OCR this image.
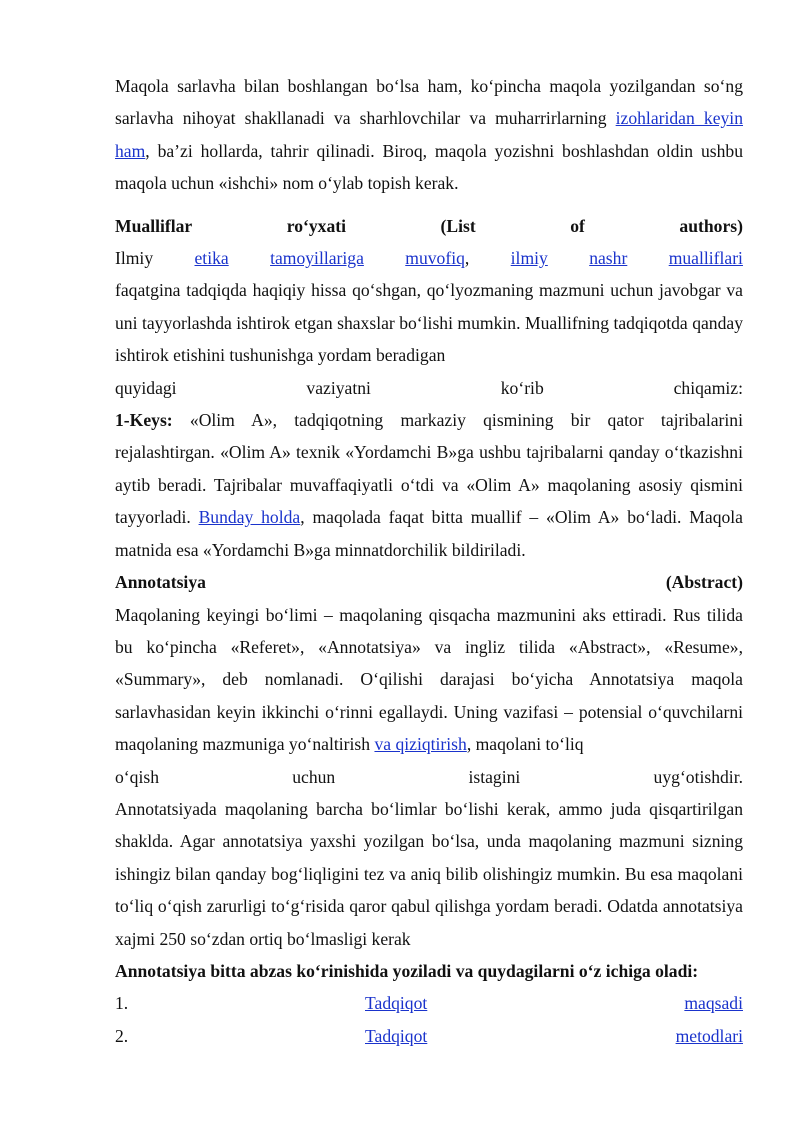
Maqola sarlavha bilan boshlangan boʻlsa ham, koʻpincha maqola yozilgandan soʻng sarlavha nihoyat shakllanadi va sharhlovchilar va muharrirlarning izohlaridan keyin ham, baʼzi hollarda, tahrir qilinadi. Biroq, maqola yozishni boshlashdan oldin ushbu maqola uchun «ishchi» nom oʻylab topish kerak.

Mualliflar	roʻyxati	(List	of	authors)
Ilmiy etika tamoyillariga muvofiq, ilmiy nashr mualliflari

faqatgina tadqiqda haqiqiy hissa qoʻshgan, qoʻlyozmaning mazmuni uchun javobgar va uni tayyorlashda ishtirok etgan shaxslar boʻlishi mumkin. Muallifning tadqiqotda qanday ishtirok etishini tushunishga yordam beradigan

quyidagi	vaziyatni	koʻrib	chiqamiz:

1-Keys: «Olim A», tadqiqotning markaziy qismining bir qator tajribalarini rejalashtirgan. «Olim A» texnik «Yordamchi B»ga ushbu tajribalarni qanday oʻtkazishni aytib beradi. Tajribalar muvaffaqiyatli oʻtdi va «Olim A» maqolaning asosiy qismini tayyorladi. Bunday holda, maqolada faqat bitta muallif – «Olim A» boʻladi. Maqola matnida esa «Yordamchi B»ga minnatdorchilik bildiriladi.

Annotatsiya	(Abstract)

Maqolaning keyingi boʻlimi – maqolaning qisqacha mazmunini aks ettiradi. Rus tilida bu koʻpincha «Referet», «Annotatsiya» va ingliz tilida «Abstract», «Resume», «Summary», deb nomlanadi. Oʻqilishi darajasi boʻyicha Annotatsiya maqola sarlavhasidan keyin ikkinchi oʻrinni egallaydi. Uning vazifasi – potensial oʻquvchilarni maqolaning mazmuniga yoʻnaltirish va qiziqtirish, maqolani toʻliq

oʻqish	uchun	istagini	uygʻotishdir.

Annotatsiyada maqolaning barcha boʻlimlar boʻlishi kerak, ammo juda qisqartirilgan shaklda. Agar annotatsiya yaxshi yozilgan boʻlsa, unda maqolaning mazmuni sizning ishingiz bilan qanday bogʻliqligini tez va aniq bilib olishingiz mumkin. Bu esa maqolani toʻliq oʻqish zarurligi toʻgʻrisida qaror qabul qilishga yordam beradi. Odatda annotatsiya xajmi 250 soʻzdan ortiq boʻlmasligi kerak

Annotatsiya bitta abzas koʻrinishida yoziladi va quydagilarni oʻz ichiga oladi:

1.	Tadqiqot	maqsadi
2.	Tadqiqot	metodlari
